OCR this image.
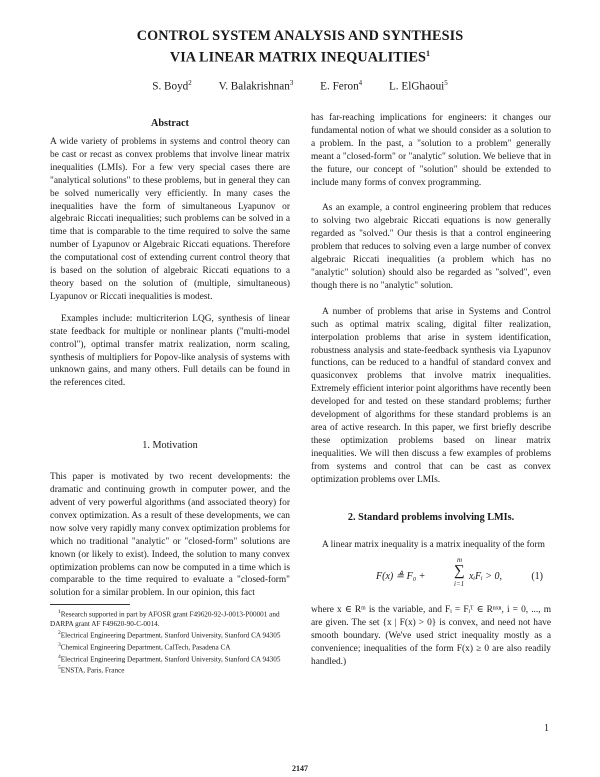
CONTROL SYSTEM ANALYSIS AND SYNTHESIS
VIA LINEAR MATRIX INEQUALITIES$^1$
S. Boyd$^2$ V. Balakrishnan$^3$ E. Feron$^4$ L. ElGhaoui$^5$
Abstract

A wide variety of problems in systems and control theory can be cast or recast as convex problems that involve linear matrix inequalities (LMIs). For a few very special cases there are "analytical solutions" to these problems, but in general they can be solved numerically very efficiently. In many cases the inequalities have the form of simultaneous Lyapunov or algebraic Riccati inequalities; such problems can be solved in a time that is comparable to the time required to solve the same number of Lyapunov or Algebraic Riccati equations. Therefore the computational cost of extending current control theory that is based on the solution of algebraic Riccati equations to a theory based on the solution of (multiple, simultaneous) Lyapunov or Riccati inequalities is modest.

Examples include: multicriterion LQG, synthesis of linear state feedback for multiple or nonlinear plants ("multi-model control"), optimal transfer matrix realization, norm scaling, synthesis of multipliers for Popov-like analysis of systems with unknown gains, and many others. Full details can be found in the references cited.

1. Motivation

This paper is motivated by two recent developments: the dramatic and continuing growth in computer power, and the advent of very powerful algorithms (and associated theory) for convex optimization. As a result of these developments, we can now solve very rapidly many convex optimization problems for which no traditional "analytic" or "closed-form" solutions are known (or likely to exist). Indeed, the solution to many convex optimization problems can now be computed in a time which is comparable to the time required to evaluate a "closed-form" solution for a similar problem. In our opinion, this fact

$^1$Research supported in part by AFOSR grant F49620-92-J-0013-P00001 and DARPA grant AF F49620-90-C-0014.
$^2$Electrical Engineering Department, Stanford University, Stanford CA 94305
$^3$Chemical Engineering Department, CalTech, Pasadena CA
$^4$Electrical Engineering Department, Stanford University, Stanford CA 94305
$^5$ENSTA, Paris, France

has far-reaching implications for engineers: it changes our fundamental notion of what we should consider as a solution to a problem. In the past, a "solution to a problem" generally meant a "closed-form" or "analytic" solution. We believe that in the future, our concept of "solution" should be extended to include many forms of convex programming.

As an example, a control engineering problem that reduces to solving two algebraic Riccati equations is now generally regarded as "solved." Our thesis is that a control engineering problem that reduces to solving even a large number of convex algebraic Riccati inequalities (a problem which has no "analytic" solution) should also be regarded as "solved", even though there is no "analytic" solution.

A number of problems that arise in Systems and Control such as optimal matrix scaling, digital filter realization, interpolation problems that arise in system identification, robustness analysis and state-feedback synthesis via Lyapunov functions, can be reduced to a handful of standard convex and quasiconvex problems that involve matrix inequalities. Extremely efficient interior point algorithms have recently been developed for and tested on these standard problems; further development of algorithms for these standard problems is an area of active research. In this paper, we first briefly describe these optimization problems based on linear matrix inequalities. We will then discuss a few examples of problems from systems and control that can be cast as convex optimization problems over LMIs.

2. Standard problems involving LMIs.

A linear matrix inequality is a matrix inequality of the form

F(x) ≜ F₀ +
m
∑
i=1
xᵢFᵢ > 0,	(1)

where x ∈ Rᵐ is the variable, and Fᵢ = Fᵢᵀ ∈ Rⁿˣⁿ, i = 0, ..., m are given. The set {x | F(x) > 0} is convex, and need not have smooth boundary. (We've used strict inequality mostly as a convenience; inequalities of the form F(x) ≥ 0 are also readily handled.)

1
2147
